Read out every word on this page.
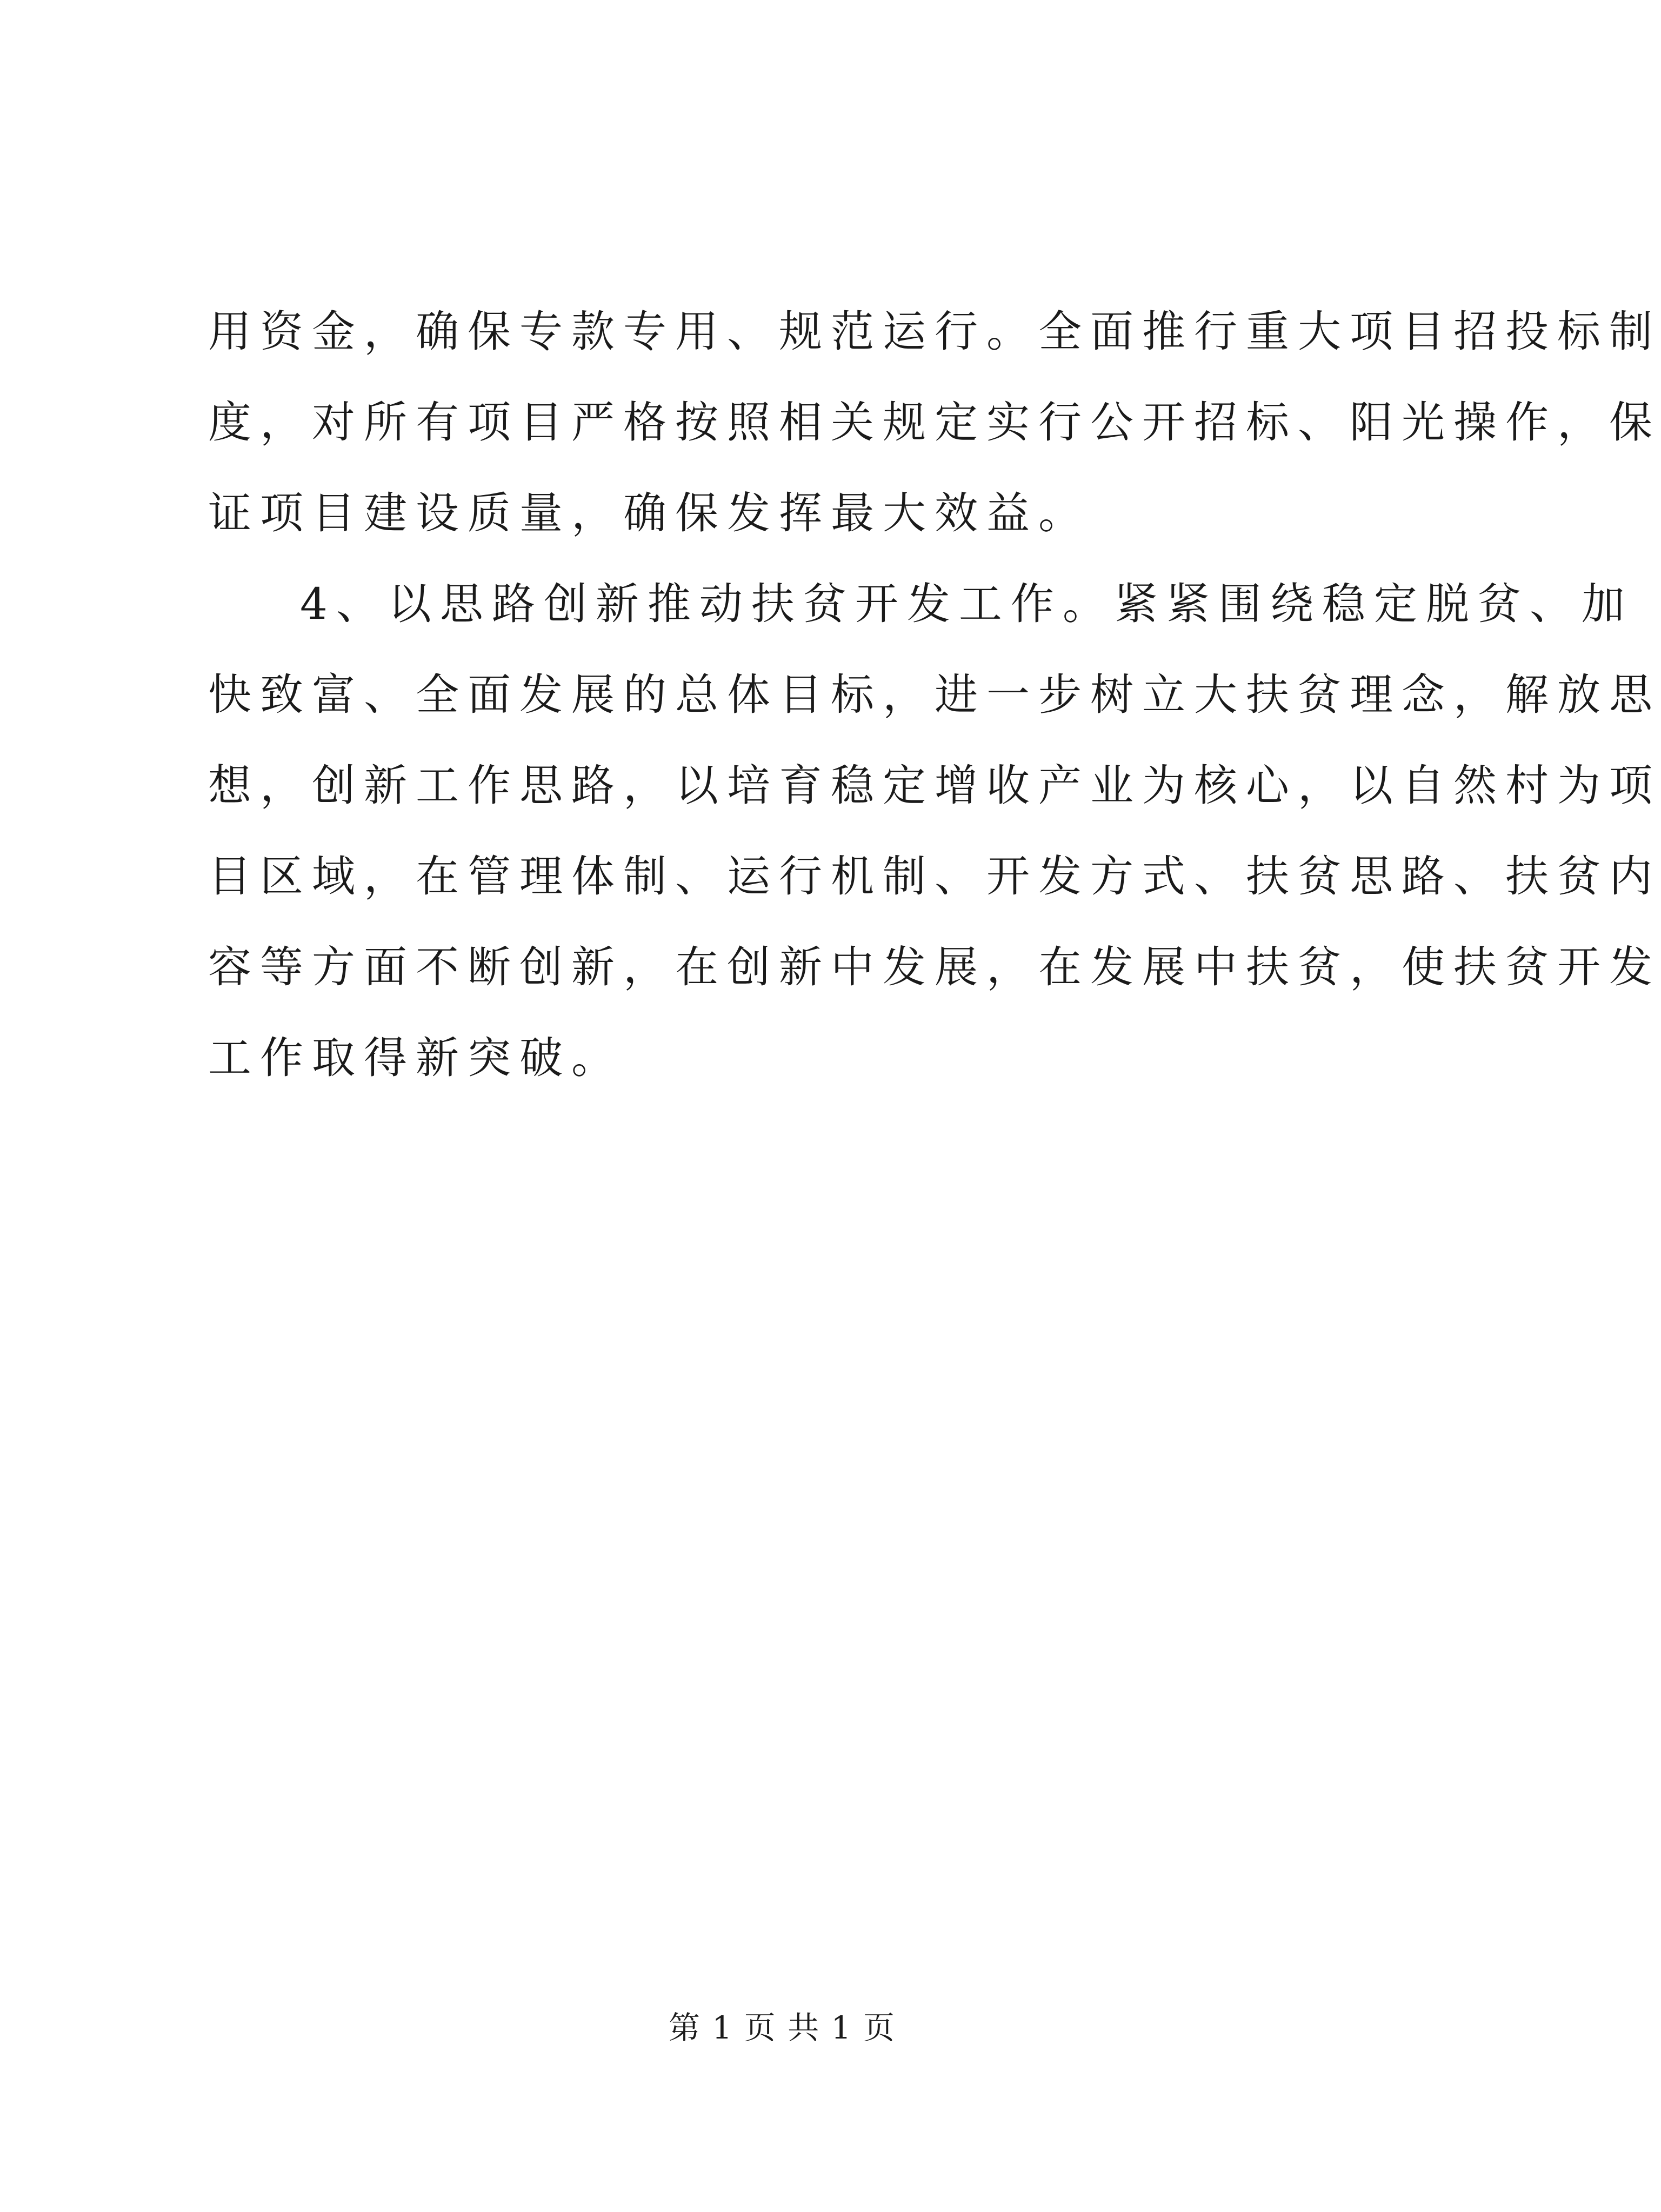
用资金，确保专款专用、规范运行。全面推行重大项目招投标制
度，对所有项目严格按照相关规定实行公开招标、阳光操作，保
证项目建设质量，确保发挥最大效益。
4、以思路创新推动扶贫开发工作。紧紧围绕稳定脱贫、加
快致富、全面发展的总体目标，进一步树立大扶贫理念，解放思
想，创新工作思路，以培育稳定增收产业为核心，以自然村为项
目区域，在管理体制、运行机制、开发方式、扶贫思路、扶贫内
容等方面不断创新，在创新中发展，在发展中扶贫，使扶贫开发
工作取得新突破。
第 1 页 共 1 页
